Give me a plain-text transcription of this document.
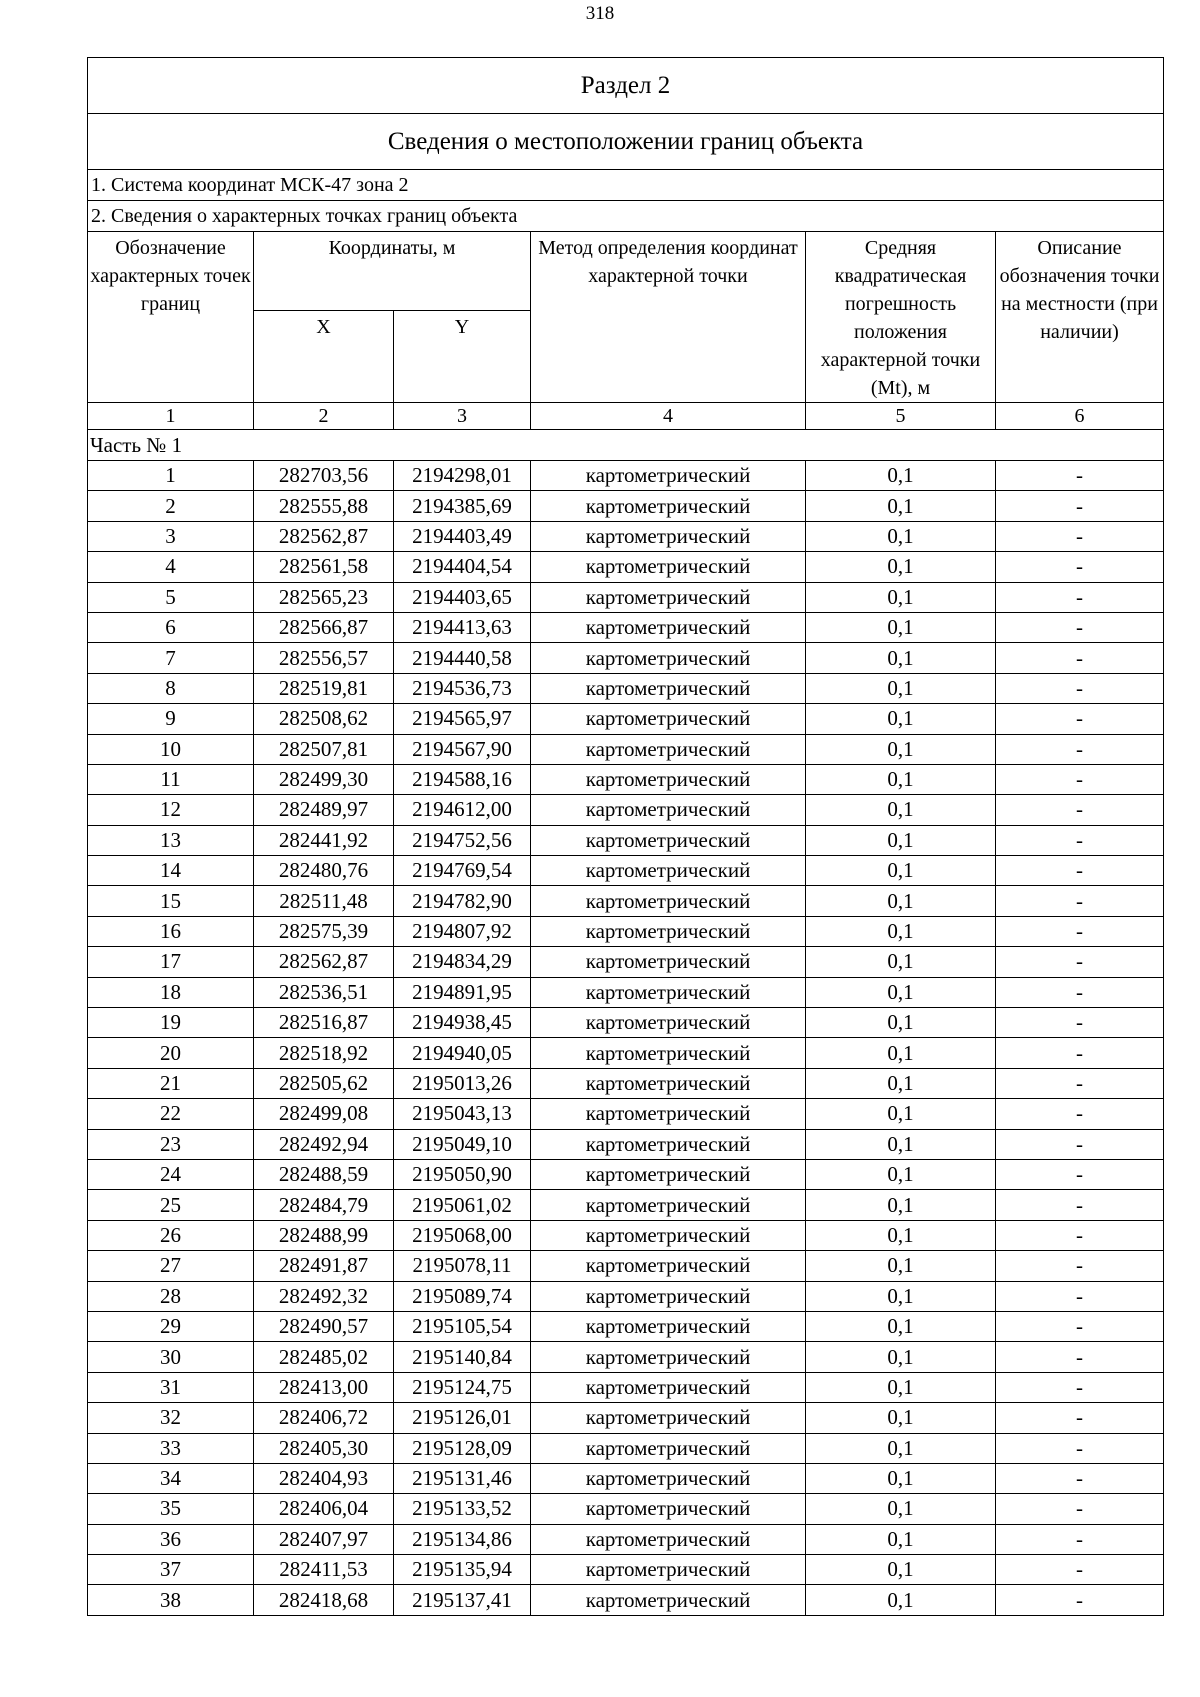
318
Раздел 2					
Сведения о местоположении границ объекта					
1. Система координат МСК-47 зона 2					
2. Сведения о характерных точках границ объекта					
Обозначение характерных точек границ	Координаты, м		Метод определения координат характерной точки	Средняя квадратическая погрешность положения характерной точки (Mt), м	Описание обозначения точки на местности (при наличии)
	X	Y			
1	2	3	4	5	6
Часть № 1					
1	282703,56	2194298,01	картометрический	0,1	-
2	282555,88	2194385,69	картометрический	0,1	-
3	282562,87	2194403,49	картометрический	0,1	-
4	282561,58	2194404,54	картометрический	0,1	-
5	282565,23	2194403,65	картометрический	0,1	-
6	282566,87	2194413,63	картометрический	0,1	-
7	282556,57	2194440,58	картометрический	0,1	-
8	282519,81	2194536,73	картометрический	0,1	-
9	282508,62	2194565,97	картометрический	0,1	-
10	282507,81	2194567,90	картометрический	0,1	-
11	282499,30	2194588,16	картометрический	0,1	-
12	282489,97	2194612,00	картометрический	0,1	-
13	282441,92	2194752,56	картометрический	0,1	-
14	282480,76	2194769,54	картометрический	0,1	-
15	282511,48	2194782,90	картометрический	0,1	-
16	282575,39	2194807,92	картометрический	0,1	-
17	282562,87	2194834,29	картометрический	0,1	-
18	282536,51	2194891,95	картометрический	0,1	-
19	282516,87	2194938,45	картометрический	0,1	-
20	282518,92	2194940,05	картометрический	0,1	-
21	282505,62	2195013,26	картометрический	0,1	-
22	282499,08	2195043,13	картометрический	0,1	-
23	282492,94	2195049,10	картометрический	0,1	-
24	282488,59	2195050,90	картометрический	0,1	-
25	282484,79	2195061,02	картометрический	0,1	-
26	282488,99	2195068,00	картометрический	0,1	-
27	282491,87	2195078,11	картометрический	0,1	-
28	282492,32	2195089,74	картометрический	0,1	-
29	282490,57	2195105,54	картометрический	0,1	-
30	282485,02	2195140,84	картометрический	0,1	-
31	282413,00	2195124,75	картометрический	0,1	-
32	282406,72	2195126,01	картометрический	0,1	-
33	282405,30	2195128,09	картометрический	0,1	-
34	282404,93	2195131,46	картометрический	0,1	-
35	282406,04	2195133,52	картометрический	0,1	-
36	282407,97	2195134,86	картометрический	0,1	-
37	282411,53	2195135,94	картометрический	0,1	-
38	282418,68	2195137,41	картометрический	0,1	-
